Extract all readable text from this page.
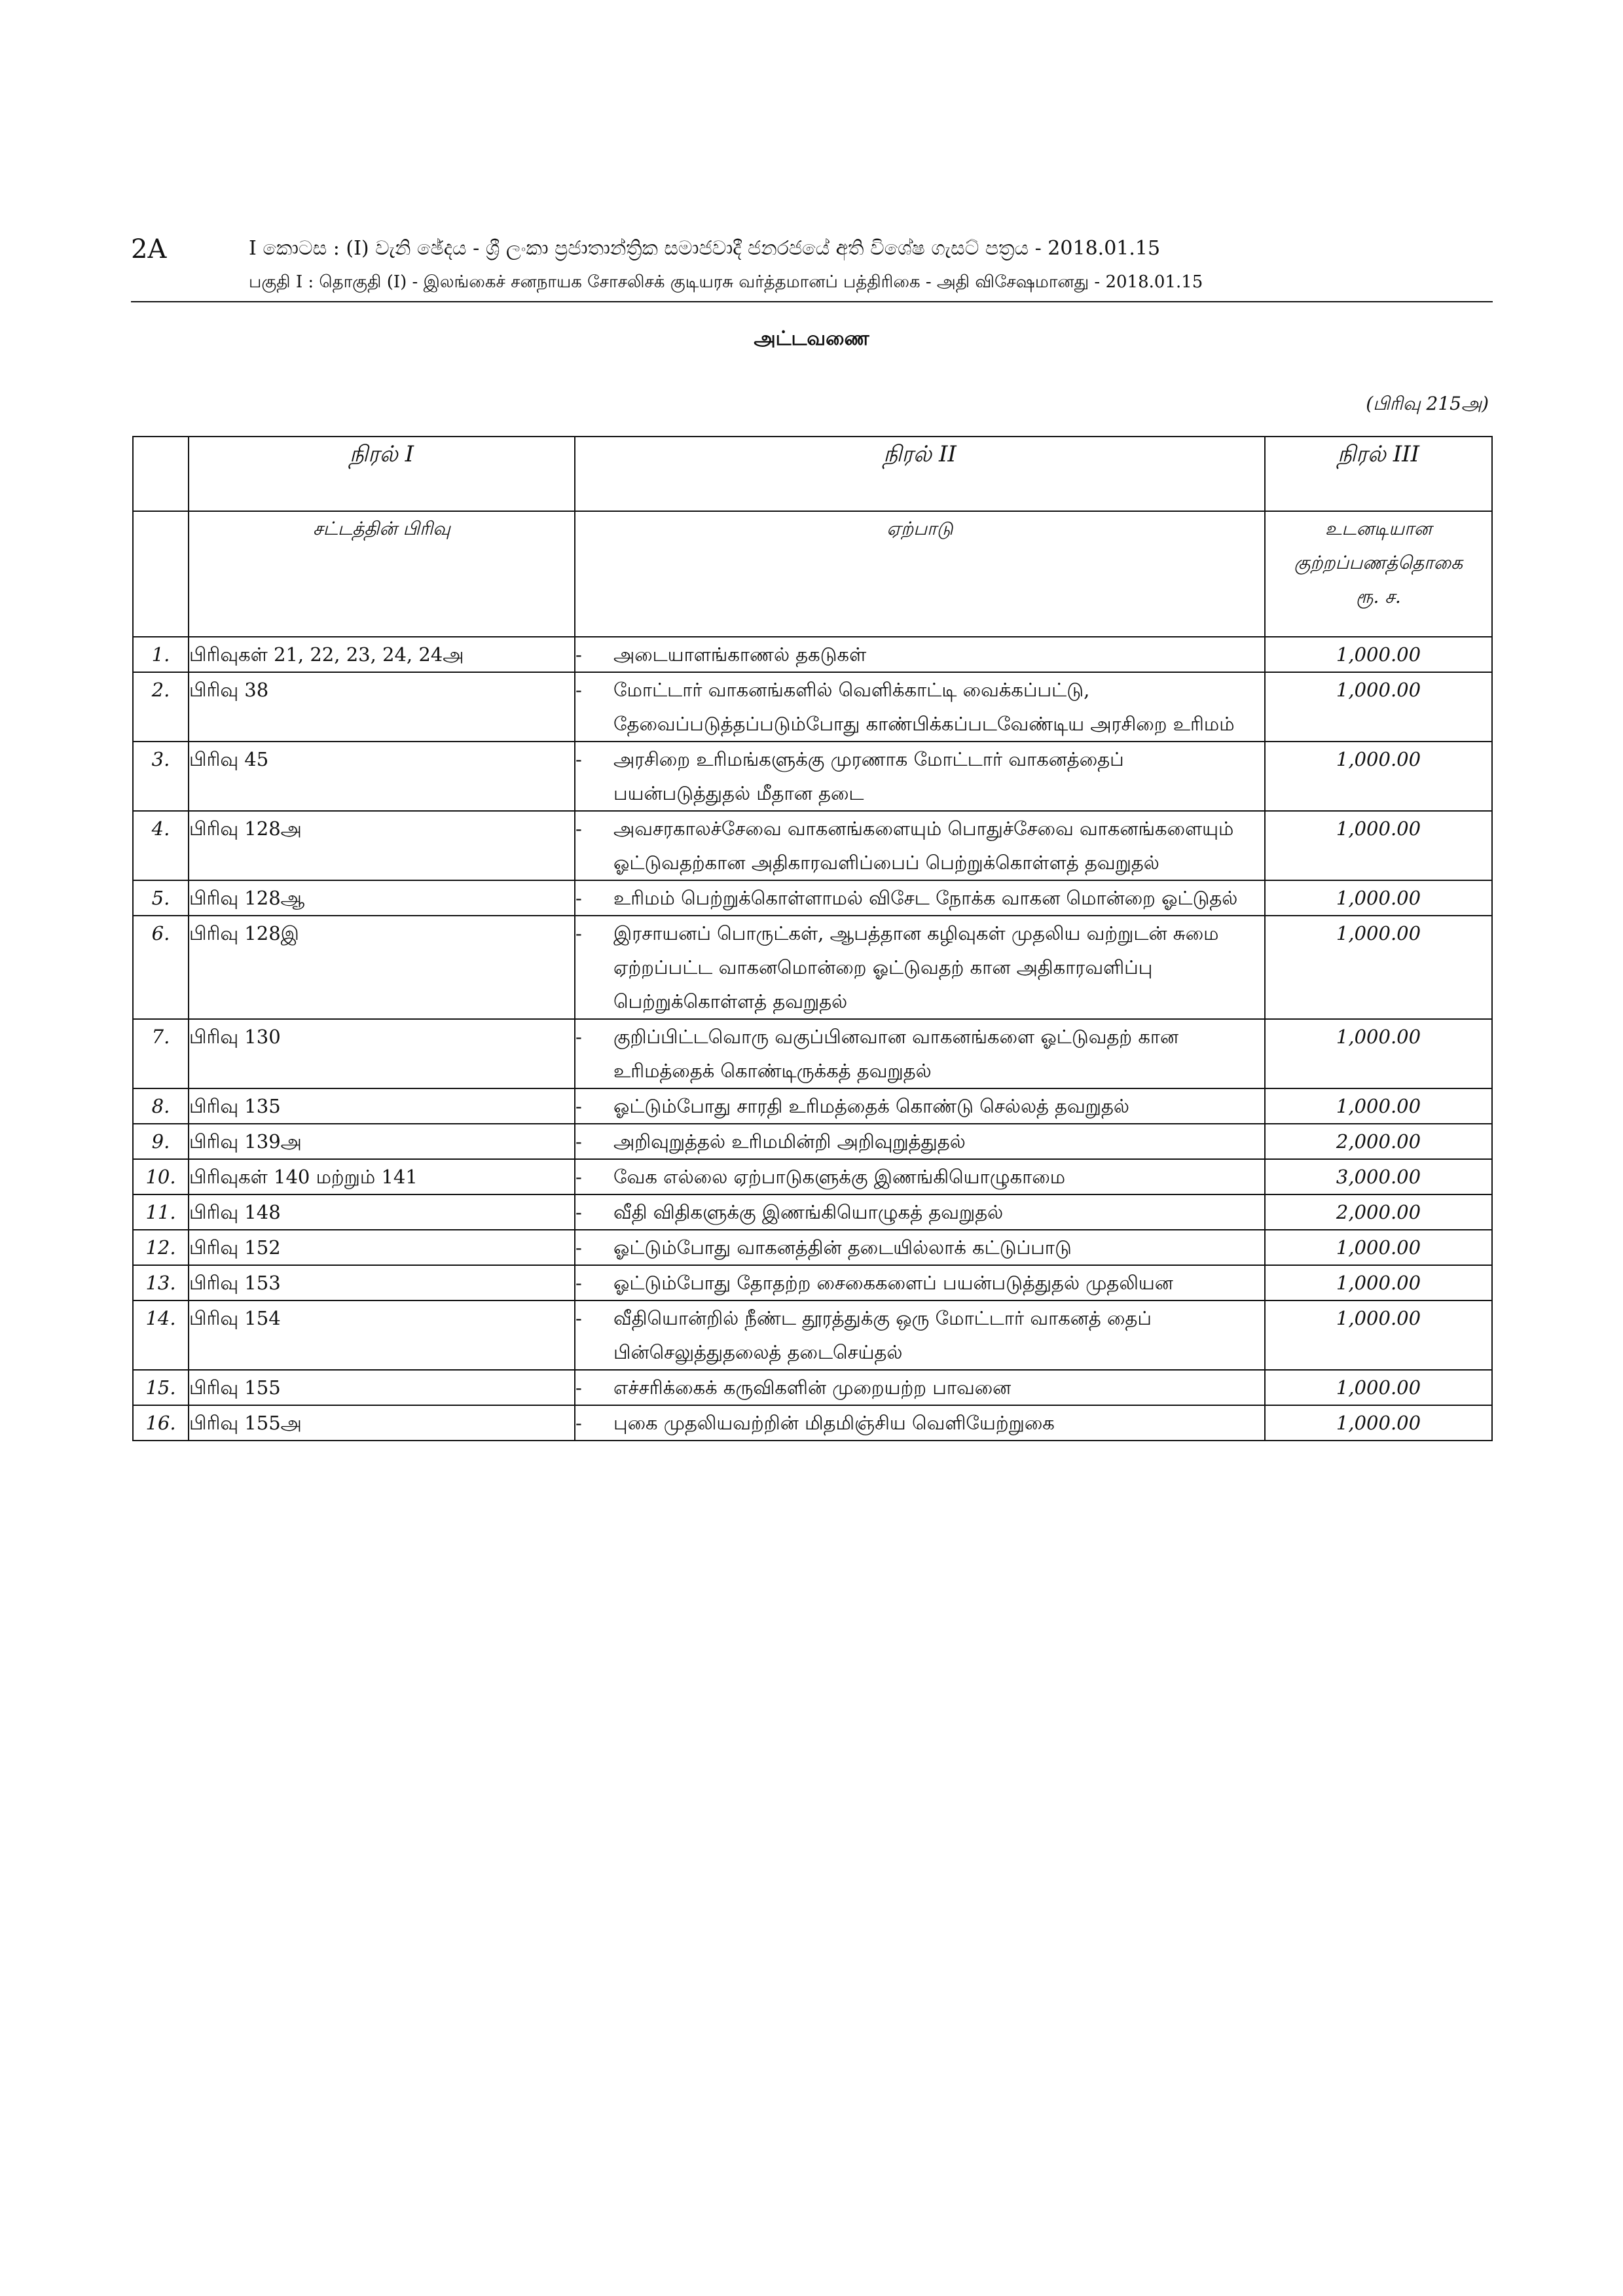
2A	I කොටස : (I) වැනි ඡේදය - ශ්‍රී ලංකා ප්‍රජාතාන්ත්‍රික සමාජවාදී ජනරජයේ අති විශේෂ ගැසට් පත්‍රය - 2018.01.15
பகுதி I : தொகுதி (I) - இலங்கைச் சனநாயக சோசலிசக் குடியரசு வர்த்தமானப் பத்திரிகை - அதி விசேஷமானது - 2018.01.15
அட்டவணை
(பிரிவு 215அ)
	நிரல் I	நிரல் II	நிரல் III
	சட்டத்தின் பிரிவு	ஏற்பாடு	உடனடியான குற்றப்பணத்தொகை
ரூ. ச.

1.	பிரிவுகள் 21, 22, 23, 24, 24அ	- அடையாளங்காணல் தகடுகள்	1,000.00
2.	பிரிவு 38	- மோட்டார் வாகனங்களில் வெளிக்காட்டி வைக்கப்பட்டு, தேவைப்படுத்தப்படும்போது காண்பிக்கப்படவேண்டிய அரசிறை உரிமம்	1,000.00
3.	பிரிவு 45	- அரசிறை உரிமங்களுக்கு முரணாக மோட்டார் வாகனத்தைப் பயன்படுத்துதல் மீதான தடை	1,000.00
4.	பிரிவு 128அ	- அவசரகாலச்சேவை வாகனங்களையும் பொதுச்சேவை வாகனங்களையும் ஓட்டுவதற்கான அதிகாரவளிப்பைப் பெற்றுக்கொள்ளத் தவறுதல்	1,000.00
5.	பிரிவு 128ஆ	- உரிமம் பெற்றுக்கொள்ளாமல் விசேட நோக்க வாகன மொன்றை ஓட்டுதல்	1,000.00
6.	பிரிவு 128இ	- இரசாயனப் பொருட்கள், ஆபத்தான கழிவுகள் முதலிய வற்றுடன் சுமை ஏற்றப்பட்ட வாகனமொன்றை ஓட்டுவதற் கான அதிகாரவளிப்பு பெற்றுக்கொள்ளத் தவறுதல்	1,000.00
7.	பிரிவு 130	- குறிப்பிட்டவொரு வகுப்பினவான வாகனங்களை ஓட்டுவதற் கான உரிமத்தைக் கொண்டிருக்கத் தவறுதல்	1,000.00
8.	பிரிவு 135	- ஓட்டும்போது சாரதி உரிமத்தைக் கொண்டு செல்லத் தவறுதல்	1,000.00
9.	பிரிவு 139அ	- அறிவுறுத்தல் உரிமமின்றி அறிவுறுத்துதல்	2,000.00
10.	பிரிவுகள் 140 மற்றும் 141	- வேக எல்லை ஏற்பாடுகளுக்கு இணங்கியொழுகாமை	3,000.00
11.	பிரிவு 148	- வீதி விதிகளுக்கு இணங்கியொழுகத் தவறுதல்	2,000.00
12.	பிரிவு 152	- ஓட்டும்போது வாகனத்தின் தடையில்லாக் கட்டுப்பாடு	1,000.00
13.	பிரிவு 153	- ஓட்டும்போது தோதற்ற சைகைகளைப் பயன்படுத்துதல் முதலியன	1,000.00
14.	பிரிவு 154	- வீதியொன்றில் நீண்ட தூரத்துக்கு ஒரு மோட்டார் வாகனத் தைப் பின்செலுத்துதலைத் தடைசெய்தல்	1,000.00
15.	பிரிவு 155	- எச்சரிக்கைக் கருவிகளின் முறையற்ற பாவனை	1,000.00
16.	பிரிவு 155அ	- புகை முதலியவற்றின் மிதமிஞ்சிய வெளியேற்றுகை	1,000.00
